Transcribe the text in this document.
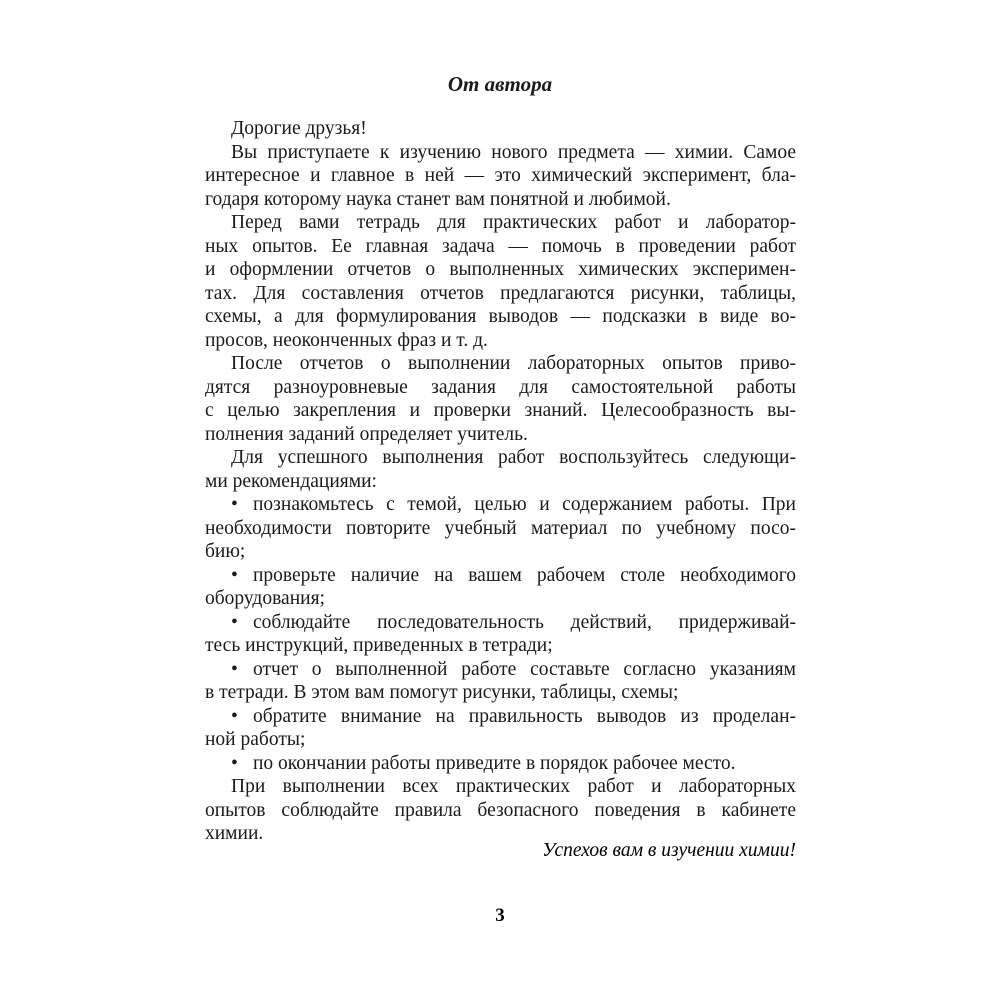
От автора
Дорогие друзья!
Вы приступаете к изучению нового предмета — химии. Самое
интересное и главное в ней — это химический эксперимент, бла-
годаря которому наука станет вам понятной и любимой.
Перед вами тетрадь для практических работ и лаборатор-
ных опытов. Ее главная задача — помочь в проведении работ
и оформлении отчетов о выполненных химических эксперимен-
тах. Для составления отчетов предлагаются рисунки, таблицы,
схемы, а для формулирования выводов — подсказки в виде во-
просов, неоконченных фраз и т. д.
После отчетов о выполнении лабораторных опытов приво-
дятся разноуровневые задания для самостоятельной работы
с целью закрепления и проверки знаний. Целесообразность вы-
полнения заданий определяет учитель.
Для успешного выполнения работ воспользуйтесь следующи-
ми рекомендациями:
• познакомьтесь с темой, целью и содержанием работы. При
необходимости повторите учебный материал по учебному посо-
бию;
• проверьте наличие на вашем рабочем столе необходимого
оборудования;
• соблюдайте последовательность действий, придерживай-
тесь инструкций, приведенных в тетради;
• отчет о выполненной работе составьте согласно указаниям
в тетради. В этом вам помогут рисунки, таблицы, схемы;
• обратите внимание на правильность выводов из проделан-
ной работы;
• по окончании работы приведите в порядок рабочее место.
При выполнении всех практических работ и лабораторных
опытов соблюдайте правила безопасного поведения в кабинете
химии.
Успехов вам в изучении химии!
3
